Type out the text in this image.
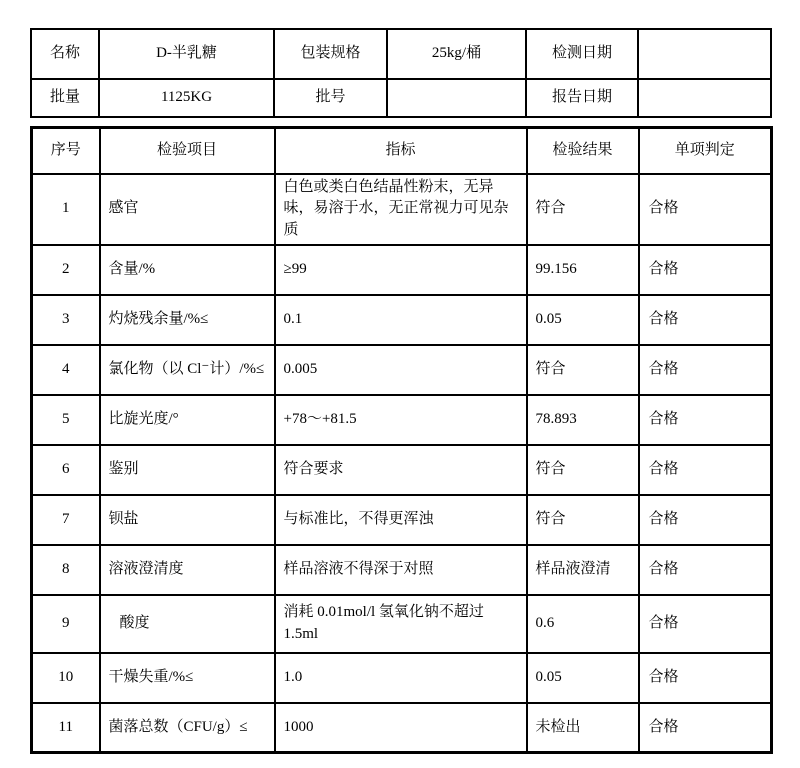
名称	D-半乳糖	包装规格	25kg/桶	检测日期	
批量	1125KG	批号		报告日期	
序号	检验项目	指标	检验结果	单项判定
1	感官	白色或类白色结晶性粉末，无异味，易溶于水，无正常视力可见杂质	符合	合格
2	含量/%	≥99	99.156	合格
3	灼烧残余量/%≤	0.1	0.05	合格
4	氯化物（以 Cl⁻计）/%≤	0.005	符合	合格
5	比旋光度/°	+78～+81.5	78.893	合格
6	鉴别	符合要求	符合	合格
7	钡盐	与标准比，不得更浑浊	符合	合格
8	溶液澄清度	样品溶液不得深于对照	样品液澄清	合格
9	酸度	消耗 0.01mol/l 氢氧化钠不超过 1.5ml	0.6	合格
10	干燥失重/%≤	1.0	0.05	合格
11	菌落总数（CFU/g）≤	1000	未检出	合格
